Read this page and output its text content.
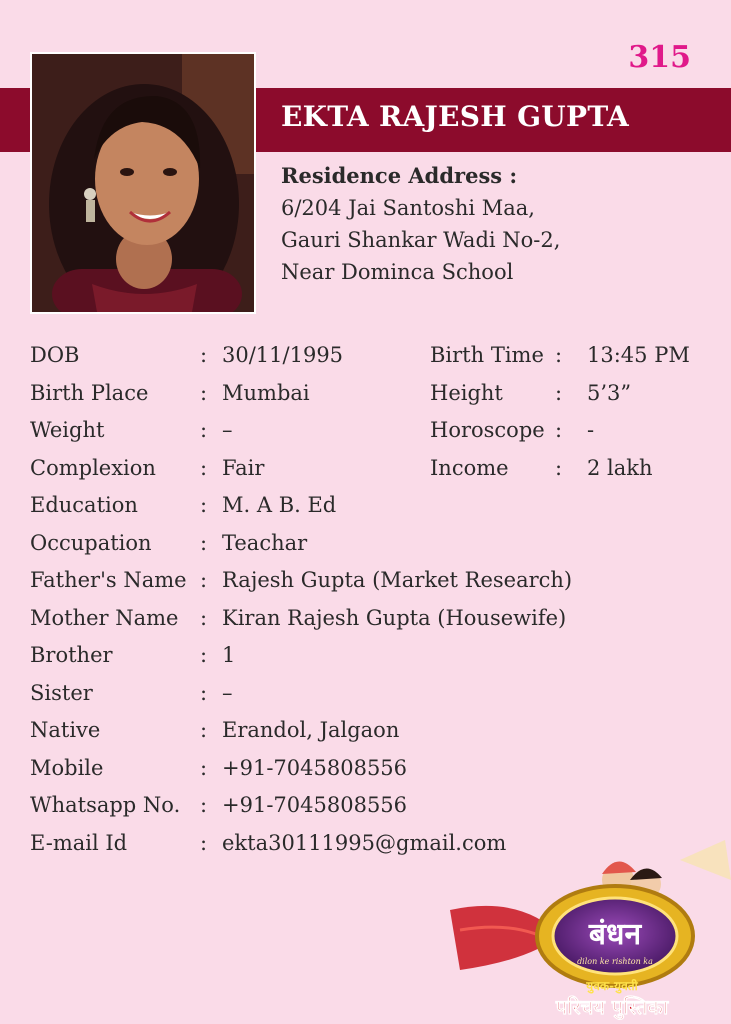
315
EKTA RAJESH GUPTA
Residence Address :
6/204 Jai Santoshi Maa,
Gauri Shankar Wadi No-2,
Near Dominca School
DOB	: 30/11/1995	Birth Time : 13:45 PM
Birth Place : Mumbai	Height : 5’3”
Weight	: –	Horoscope : -
Complexion : Fair	Income : 2 lakh
Education	: M. A B. Ed
Occupation : Teachar
Father's Name : Rajesh Gupta (Market Research)
Mother Name : Kiran Rajesh Gupta (Housewife)
Brother	: 1
Sister	: –
Native	: Erandol, Jalgaon
Mobile	: +91-7045808556
Whatsapp No. : +91-7045808556
E-mail Id	: ekta30111995@gmail.com
बंधन
dilon ke rishton ka
युवक-युवती
परिचय पुस्तिका
